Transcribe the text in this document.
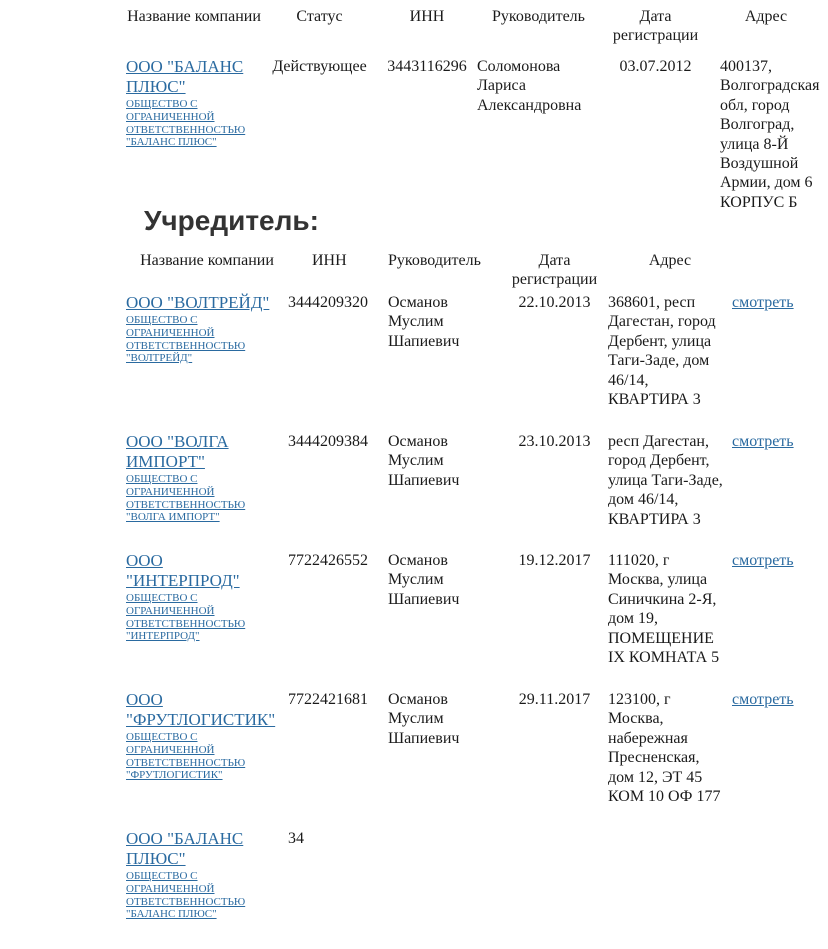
Название компании	Статус	ИНН	Руководитель	Дата регистрации	Адрес

ООО "БАЛАНС ПЛЮС"
ОБЩЕСТВО С ОГРАНИЧЕННОЙ ОТВЕТСТВЕННОСТЬЮ "БАЛАНС ПЛЮС"	Действующее	3443116296	Соломонова Лариса Александровна	03.07.2012	400137, Волгоградская обл, город Волгоград, улица 8-Й Воздушной Армии, дом 6 КОРПУС Б
Учредитель:
Название компании	ИНН	Руководитель	Дата регистрации	Адрес	

ООО "ВОЛТРЕЙД"
ОБЩЕСТВО С ОГРАНИЧЕННОЙ ОТВЕТСТВЕННОСТЬЮ "ВОЛТРЕЙД"	3444209320	Османов Муслим Шапиевич	22.10.2013	368601, респ Дагестан, город Дербент, улица Таги-Заде, дом 46/14, КВАРТИРА 3	смотреть

ООО "ВОЛГА ИМПОРТ"
ОБЩЕСТВО С ОГРАНИЧЕННОЙ ОТВЕТСТВЕННОСТЬЮ "ВОЛГА ИМПОРТ"	3444209384	Османов Муслим Шапиевич	23.10.2013	респ Дагестан, город Дербент, улица Таги-Заде, дом 46/14, КВАРТИРА 3	смотреть

ООО "ИНТЕРПРОД"
ОБЩЕСТВО С ОГРАНИЧЕННОЙ ОТВЕТСТВЕННОСТЬЮ "ИНТЕРПРОД"	7722426552	Османов Муслим Шапиевич	19.12.2017	111020, г Москва, улица Синичкина 2-Я, дом 19, ПОМЕЩЕНИЕ IX КОМНАТА 5	смотреть

ООО "ФРУТЛОГИСТИК"
ОБЩЕСТВО С ОГРАНИЧЕННОЙ ОТВЕТСТВЕННОСТЬЮ "ФРУТЛОГИСТИК"	7722421681	Османов Муслим Шапиевич	29.11.2017	123100, г Москва, набережная Пресненская, дом 12, ЭТ 45 КОМ 10 ОФ 177	смотреть

ООО "БАЛАНС ПЛЮС"
ОБЩЕСТВО С ОГРАНИЧЕННОЙ ОТВЕТСТВЕННОСТЬЮ "БАЛАНС ПЛЮС"	34				
